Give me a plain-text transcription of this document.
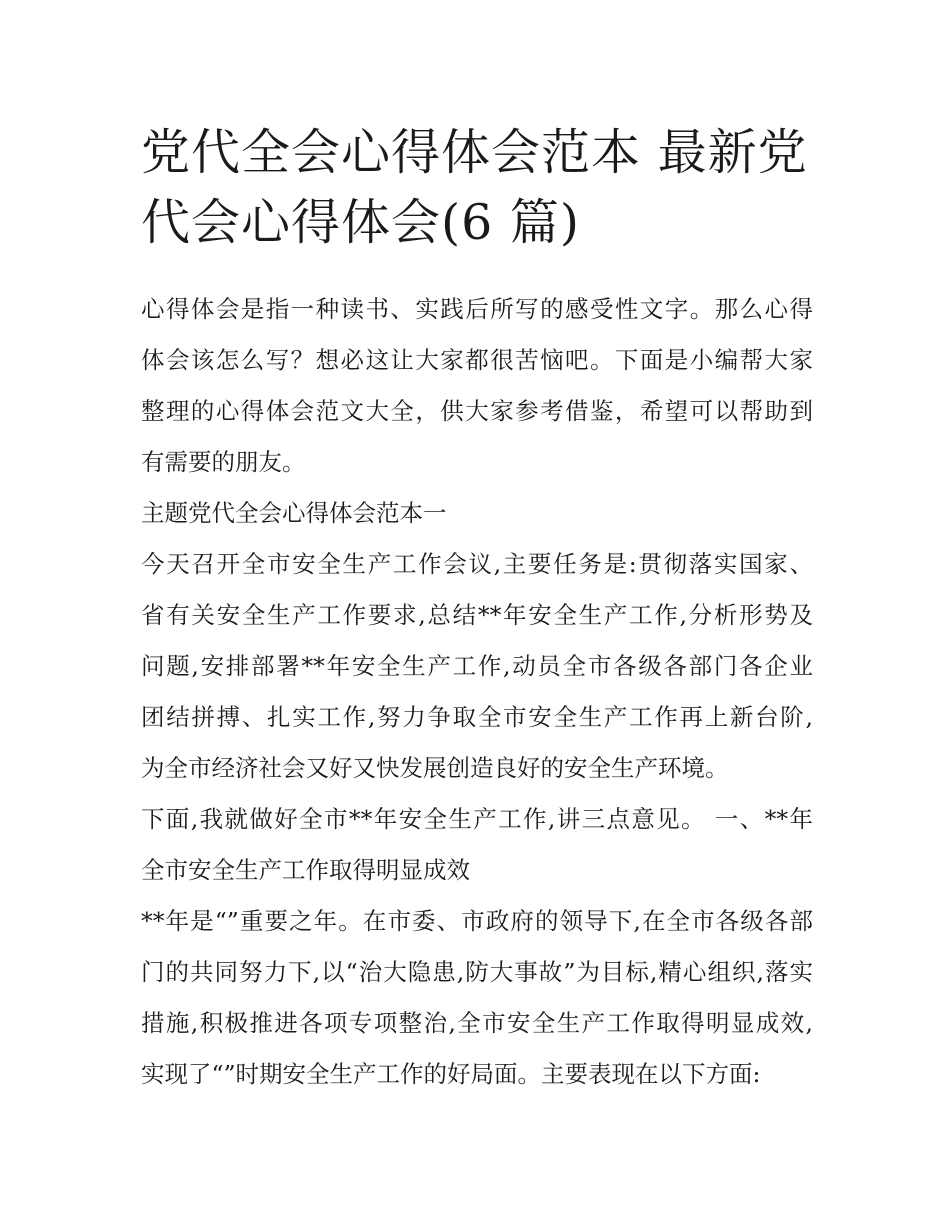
党代全会心得体会范本 最新党
代会心得体会(6 篇)

心得体会是指一种读书、实践后所写的感受性文字。那么心得
体会该怎么写？想必这让大家都很苦恼吧。下面是小编帮大家
整理的心得体会范文大全，供大家参考借鉴，希望可以帮助到
有需要的朋友。

主题党代全会心得体会范本一

今天召开全市安全生产工作会议,主要任务是:贯彻落实国家、
省有关安全生产工作要求,总结**年安全生产工作,分析形势及
问题,安排部署**年安全生产工作,动员全市各级各部门各企业
团结拼搏、扎实工作,努力争取全市安全生产工作再上新台阶,
为全市经济社会又好又快发展创造良好的安全生产环境。

下面,我就做好全市**年安全生产工作,讲三点意见。 一、**年
全市安全生产工作取得明显成效

**年是“”重要之年。在市委、市政府的领导下,在全市各级各部
门的共同努力下,以“治大隐患,防大事故”为目标,精心组织,落实
措施,积极推进各项专项整治,全市安全生产工作取得明显成效,
实现了“”时期安全生产工作的好局面。主要表现在以下方面:
